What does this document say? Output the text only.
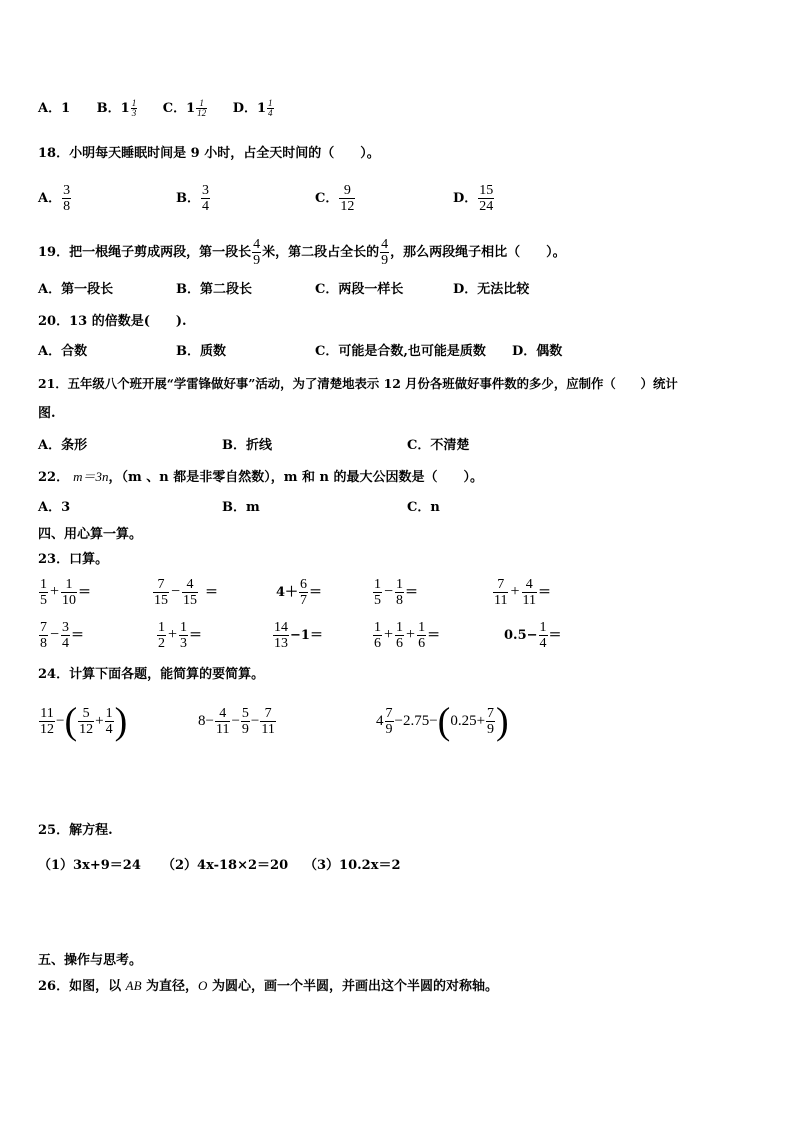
A．1 B．$1 \frac{1}{3}$ C．$1 \frac{1}{12}$ D．$1 \frac{1}{4}$
18．小明每天睡眠时间是 9 小时，占全天时间的（　　）。
A． $\frac{3}{8}$	B． $\frac{3}{4}$	C． $\frac{9}{12}$	D． $\frac{15}{24}$
19．把一根绳子剪成两段，第一段长 $\frac{4}{9}$ 米，第二段占全长的 $\frac{4}{9}$ ，那么两段绳子相比（　　）。
A．第一段长	B．第二段长	C．两段一样长	D．无法比较
20．13 的倍数是(　　).
A．合数	B．质数	C．可能是合数,也可能是质数 D．偶数
21．五年级八个班开展“学雷锋做好事”活动，为了清楚地表示 12 月份各班做好事件数的多少，应制作（　　）统计
图.
A．条形	B．折线	C．不清楚
22． m＝3n，（m 、n 都是非零自然数），m 和 n 的最大公因数是（　　）。
A．3	B．m	C．n
四、用心算一算。
23．口算。
$\frac{1}{5} + \frac{1}{10}$ ＝	$\frac{7}{15} - \frac{4}{15}$ ＝	$4+ \frac{6}{7}$ ＝	$\frac{1}{5} - \frac{1}{8}$ ＝	$\frac{7}{11} + \frac{4}{11}$ ＝
$\frac{7}{8} - \frac{3}{4}$ ＝	$\frac{1}{2} + \frac{1}{3}$ ＝	$\frac{14}{13} -1=$	$\frac{1}{6} + \frac{1}{6} + \frac{1}{6}$ ＝	$0.5- \frac{1}{4}$ ＝
24．计算下面各题，能简算的要简算。
$\frac{11}{12}$ −( $\frac{5}{12} + \frac{1}{4}$ )	$8- \frac{4}{11} - \frac{5}{9} - \frac{7}{11}$	$4 \frac{7}{9} -2.75-(0.25+ \frac{7}{9}$ )
25．解方程.
（1）3x+9＝24 （2）4x-18×2＝20 （3）10.2x＝2
五、操作与思考。
26．如图，以 AB 为直径，O 为圆心，画一个半圆，并画出这个半圆的对称轴。
